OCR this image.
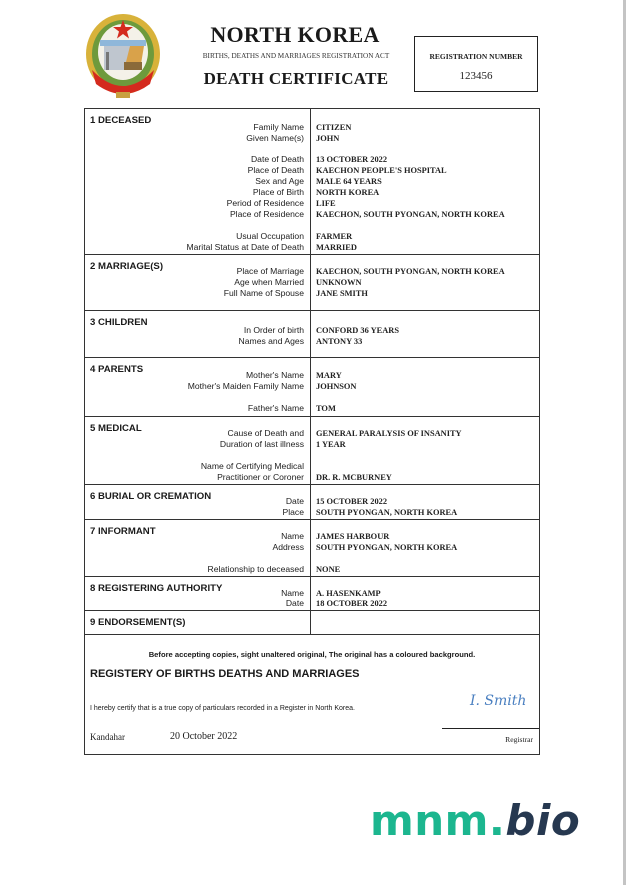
NORTH KOREA
BIRTHS, DEATHS AND MARRIAGES REGISTRATION ACT
DEATH CERTIFICATE
REGISTRATION NUMBER
123456
1 DECEASED
Family Name CITIZEN
Given Name(s) JOHN
Date of Death 13 OCTOBER 2022
Place of Death KAECHON PEOPLE'S HOSPITAL
Sex and Age MALE 64 YEARS
Place of Birth NORTH KOREA
Period of Residence LIFE
Place of Residence KAECHON, SOUTH PYONGAN, NORTH KOREA
Usual Occupation FARMER
Marital Status at Date of Death MARRIED
2 MARRIAGE(S)	Place of Marriage KAECHON, SOUTH PYONGAN, NORTH KOREA
Age when Married UNKNOWN
Full Name of Spouse JANE SMITH
3 CHILDREN
In Order of birth CONFORD 36 YEARS
Names and Ages ANTONY 33
4 PARENTS	Mother's Name MARY
Mother's Maiden Family Name JOHNSON
Father's Name TOM
5 MEDICAL	Cause of Death and GENERAL PARALYSIS OF INSANITY
Duration of last illness 1 YEAR
Name of Certifying Medical
Practitioner or Coroner DR. R. MCBURNEY
6 BURIAL OR CREMATION	Date 15 OCTOBER 2022
Place SOUTH PYONGAN, NORTH KOREA
7 INFORMANT	Name JAMES HARBOUR
Address SOUTH PYONGAN, NORTH KOREA
Relationship to deceased NONE
8 REGISTERING AUTHORITY	Name A. HASENKAMP
Date 18 OCTOBER 2022
9 ENDORSEMENT(S)
Before accepting copies, sight unaltered original, The original has a coloured background.
REGISTERY OF BIRTHS DEATHS AND MARRIAGES
I hereby certify that is a true copy of particulars recorded in a Register in North Korea.
Kandahar	20 October 2022
I. Smith
Registrar
mnm.bio
